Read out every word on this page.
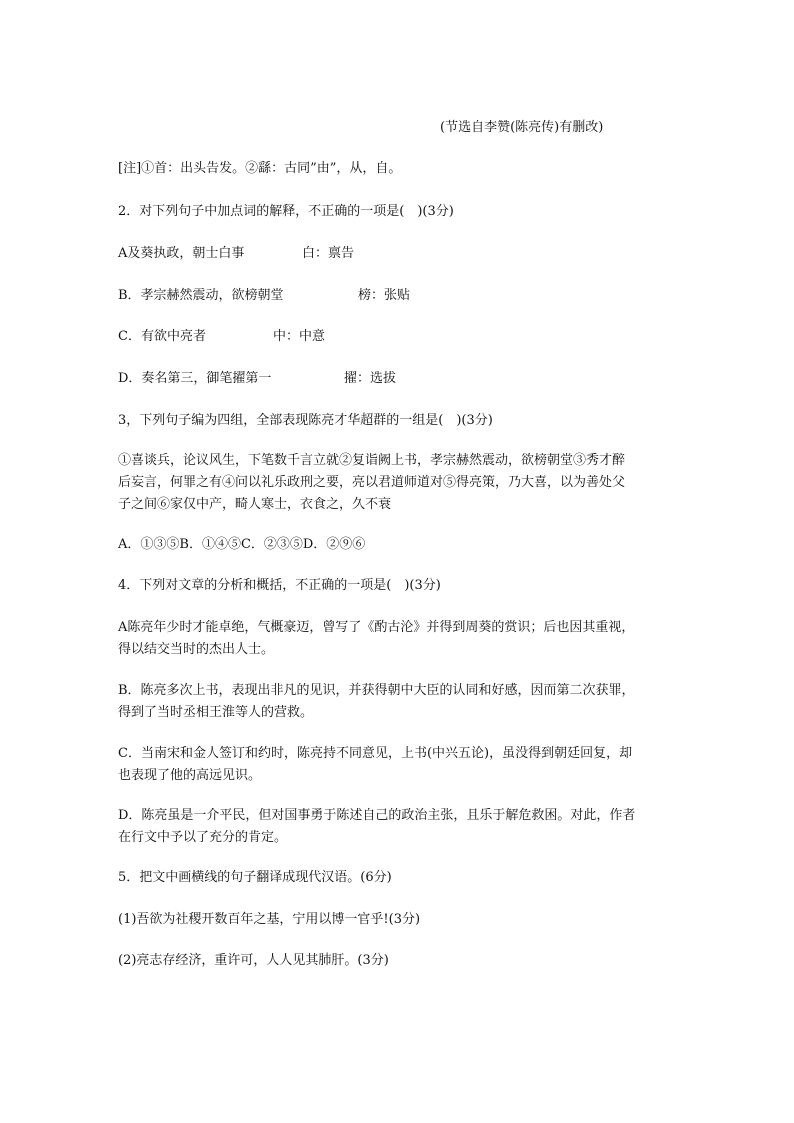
(节选自李赞(陈亮传)有删改)

[注]①首：出头告发。②繇：古同”由”，从，自。

2．对下列句子中加点词的解释，不正确的一项是(　)(3分)

A及葵执政，朝士白事	白：禀告

B．孝宗赫然震动，欲榜朝堂	榜：张贴

C．有欲中亮者	中：中意

D．奏名第三，御笔擢第一	擢：选拔

3，下列句子编为四组，全部表现陈亮才华超群的一组是(　)(3分)

①喜谈兵，论议风生，下笔数千言立就②复诣阙上书，孝宗赫然震动，欲榜朝堂③秀才醉

后妄言，何罪之有④问以礼乐政刑之要，亮以君道师道对⑤得亮策，乃大喜，以为善处父

子之间⑥家仅中产，畸人寒士，衣食之，久不衰

A．①③⑤B．①④⑤C．②③⑤D．②⑨⑥

4．下列对文章的分析和概括，不正确的一项是(　)(3分)

A陈亮年少时才能卓绝，气概豪迈，曾写了《酌古沦》并得到周葵的赏识；后也因其重视，

得以结交当时的杰出人士。

B．陈亮多次上书，表现出非凡的见识，并获得朝中大臣的认同和好感，因而第二次获罪，

得到了当时丞相王淮等人的营救。

C．当南宋和金人签订和约时，陈亮持不同意见，上书(中兴五论)，虽没得到朝廷回复，却

也表现了他的高远见识。

D．陈亮虽是一介平民，但对国事勇于陈述自己的政治主张，且乐于解危救困。对此，作者

在行文中予以了充分的肯定。

5．把文中画横线的句子翻译成现代汉语。(6分)

(1)吾欲为社稷开数百年之基，宁用以博一官乎!(3分)

(2)亮志存经济，重许可，人人见其肺肝。(3分)
